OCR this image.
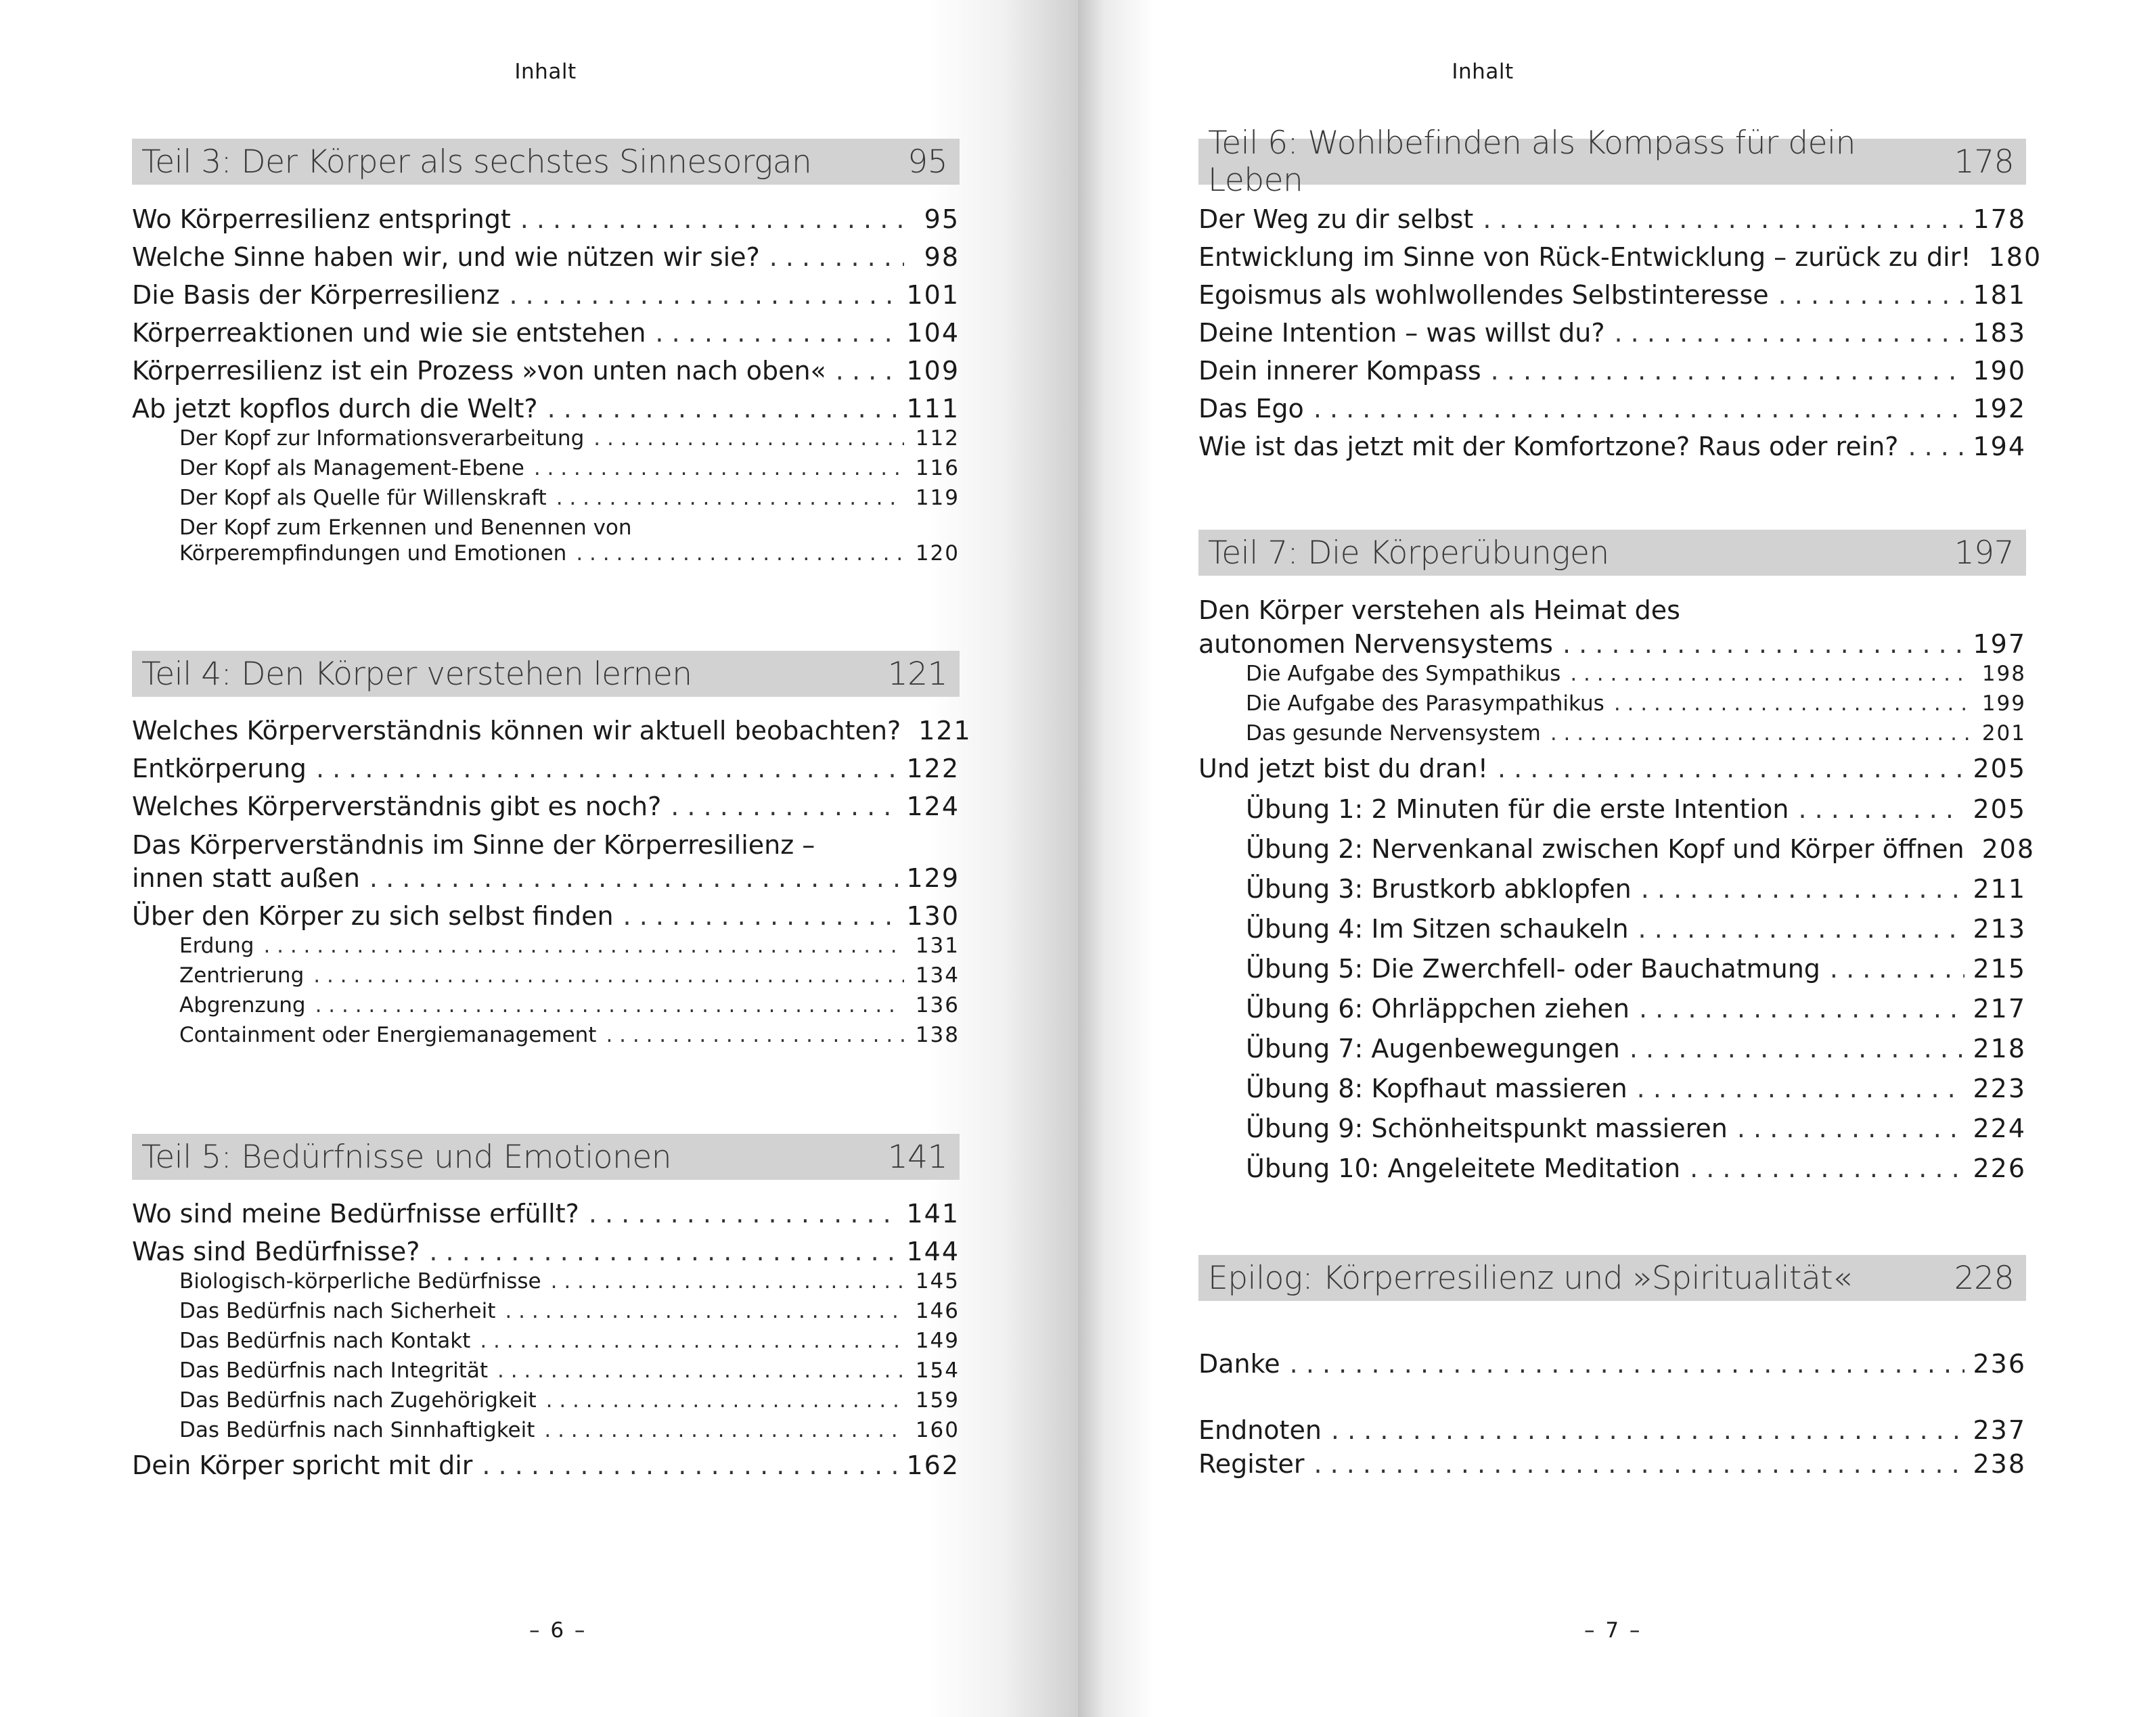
Inhalt
Teil 3: Der Körper als sechstes Sinnesorgan	95
Wo Körperresilienz entspringt . . .	95
Welche Sinne haben wir, und wie nützen wir sie? . . .	98
Die Basis der Körperresilienz . . .	101
Körperreaktionen und wie sie entstehen . . .	104
Körperresilienz ist ein Prozess »von unten nach oben« . . .	109
Ab jetzt kopflos durch die Welt? . . .	111
Der Kopf zur Informationsverarbeitung . . .	112
Der Kopf als Management-Ebene . . .	116
Der Kopf als Quelle für Willenskraft . . .	119
Der Kopf zum Erkennen und Benennen von
Körperempfindungen und Emotionen . . .	120
Teil 4: Den Körper verstehen lernen	121
Welches Körperverständnis können wir aktuell beobachten? 121
Entkörperung . . .	122
Welches Körperverständnis gibt es noch? . . .	124
Das Körperverständnis im Sinne der Körperresilienz –
innen statt außen . . .	129
Über den Körper zu sich selbst finden . . .	130
Erdung . . .	131
Zentrierung . . .	134
Abgrenzung . . .	136
Containment oder Energiemanagement . . .	138
Teil 5: Bedürfnisse und Emotionen	141
Wo sind meine Bedürfnisse erfüllt? . . .	141
Was sind Bedürfnisse? . . .	144
Biologisch-körperliche Bedürfnisse . . .	145
Das Bedürfnis nach Sicherheit . . .	146
Das Bedürfnis nach Kontakt . . .	149
Das Bedürfnis nach Integrität . . .	154
Das Bedürfnis nach Zugehörigkeit . . .	159
Das Bedürfnis nach Sinnhaftigkeit . . .	160
Dein Körper spricht mit dir . . .	162
– 6 –
Inhalt
Teil 6: Wohlbefinden als Kompass für dein Leben	178
Der Weg zu dir selbst . . .	178
Entwicklung im Sinne von Rück-Entwicklung – zurück zu dir! 180
Egoismus als wohlwollendes Selbstinteresse . . .	181
Deine Intention – was willst du? . . .	183
Dein innerer Kompass . . .	190
Das Ego . . .	192
Wie ist das jetzt mit der Komfortzone? Raus oder rein? . . .	194
Teil 7: Die Körperübungen	197
Den Körper verstehen als Heimat des
autonomen Nervensystems . . .	197
Die Aufgabe des Sympathikus . . .	198
Die Aufgabe des Parasympathikus . . .	199
Das gesunde Nervensystem . . .	201
Und jetzt bist du dran! . . .	205
Übung 1: 2 Minuten für die erste Intention . . .	205
Übung 2: Nervenkanal zwischen Kopf und Körper öffnen 208
Übung 3: Brustkorb abklopfen . . .	211
Übung 4: Im Sitzen schaukeln . . .	213
Übung 5: Die Zwerchfell- oder Bauchatmung . . .	215
Übung 6: Ohrläppchen ziehen . . .	217
Übung 7: Augenbewegungen . . .	218
Übung 8: Kopfhaut massieren . . .	223
Übung 9: Schönheitspunkt massieren . . .	224
Übung 10: Angeleitete Meditation . . .	226
Epilog: Körperresilienz und »Spiritualität«	228
Danke . . .	236
Endnoten . . .	237
Register . . .	238
– 7 –
